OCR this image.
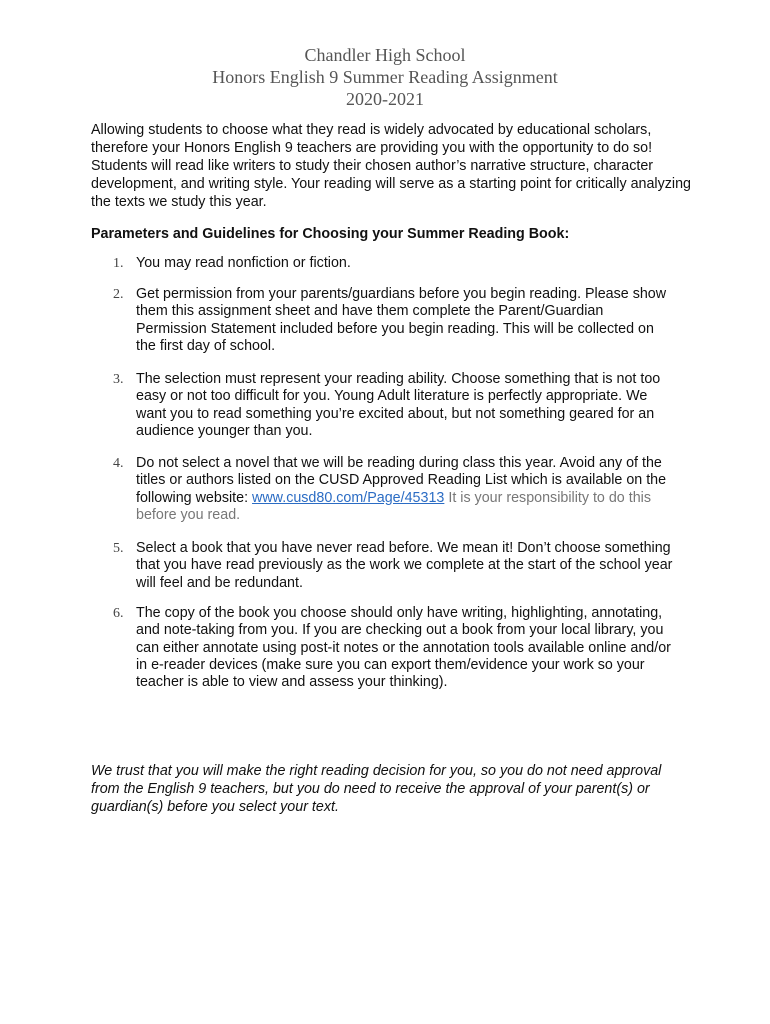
Chandler High School
Honors English 9 Summer Reading Assignment
2020-2021
Allowing students to choose what they read is widely advocated by educational scholars, therefore your Honors English 9 teachers are providing you with the opportunity to do so! Students will read like writers to study their chosen author’s narrative structure, character development, and writing style. Your reading will serve as a starting point for critically analyzing the texts we study this year.
Parameters and Guidelines for Choosing your Summer Reading Book:
1. You may read nonfiction or fiction.
2. Get permission from your parents/guardians before you begin reading. Please show them this assignment sheet and have them complete the Parent/Guardian Permission Statement included before you begin reading. This will be collected on the first day of school.
3. The selection must represent your reading ability. Choose something that is not too easy or not too difficult for you. Young Adult literature is perfectly appropriate. We want you to read something you’re excited about, but not something geared for an audience younger than you.
4. Do not select a novel that we will be reading during class this year. Avoid any of the titles or authors listed on the CUSD Approved Reading List which is available on the following website: www.cusd80.com/Page/45313 It is your responsibility to do this before you read.
5. Select a book that you have never read before. We mean it! Don’t choose something that you have read previously as the work we complete at the start of the school year will feel and be redundant.
6. The copy of the book you choose should only have writing, highlighting, annotating, and note-taking from you. If you are checking out a book from your local library, you can either annotate using post-it notes or the annotation tools available online and/or in e-reader devices (make sure you can export them/evidence your work so your teacher is able to view and assess your thinking).
We trust that you will make the right reading decision for you, so you do not need approval from the English 9 teachers, but you do need to receive the approval of your parent(s) or guardian(s) before you select your text.
